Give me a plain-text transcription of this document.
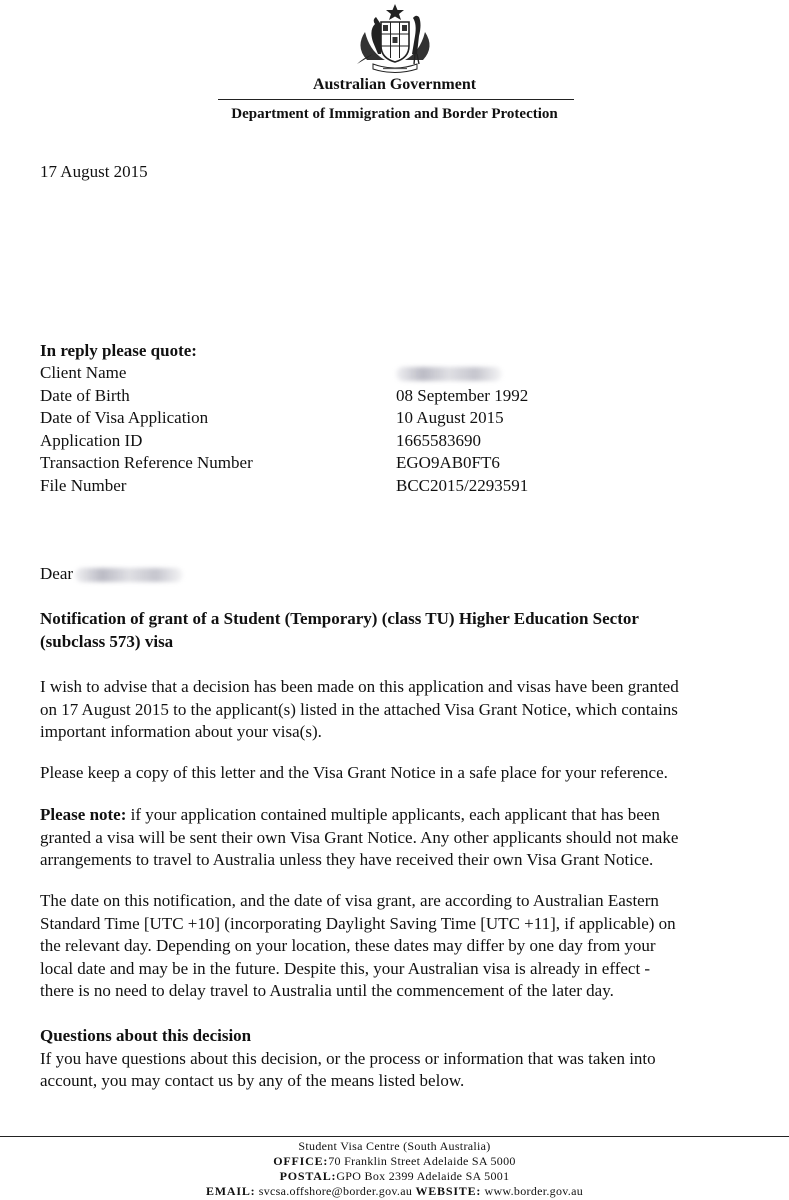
Australian Government
Department of Immigration and Border Protection
17 August 2015
In reply please quote:
Client Name
Date of Birth	08 September 1992
Date of Visa Application	10 August 2015
Application ID	1665583690
Transaction Reference Number	EGO9AB0FT6
File Number	BCC2015/2293591
Dear
Notification of grant of a Student (Temporary) (class TU) Higher Education Sector
(subclass 573) visa
I wish to advise that a decision has been made on this application and visas have been granted
on 17 August 2015 to the applicant(s) listed in the attached Visa Grant Notice, which contains
important information about your visa(s).
Please keep a copy of this letter and the Visa Grant Notice in a safe place for your reference.
Please note: if your application contained multiple applicants, each applicant that has been
granted a visa will be sent their own Visa Grant Notice. Any other applicants should not make
arrangements to travel to Australia unless they have received their own Visa Grant Notice.
The date on this notification, and the date of visa grant, are according to Australian Eastern
Standard Time [UTC +10] (incorporating Daylight Saving Time [UTC +11], if applicable) on
the relevant day. Depending on your location, these dates may differ by one day from your
local date and may be in the future. Despite this, your Australian visa is already in effect -
there is no need to delay travel to Australia until the commencement of the later day.
Questions about this decision
If you have questions about this decision, or the process or information that was taken into
account, you may contact us by any of the means listed below.
Student Visa Centre (South Australia)
OFFICE:70 Franklin Street Adelaide SA 5000
POSTAL:GPO Box 2399 Adelaide SA 5001
EMAIL: svcsa.offshore@border.gov.au WEBSITE: www.border.gov.au
